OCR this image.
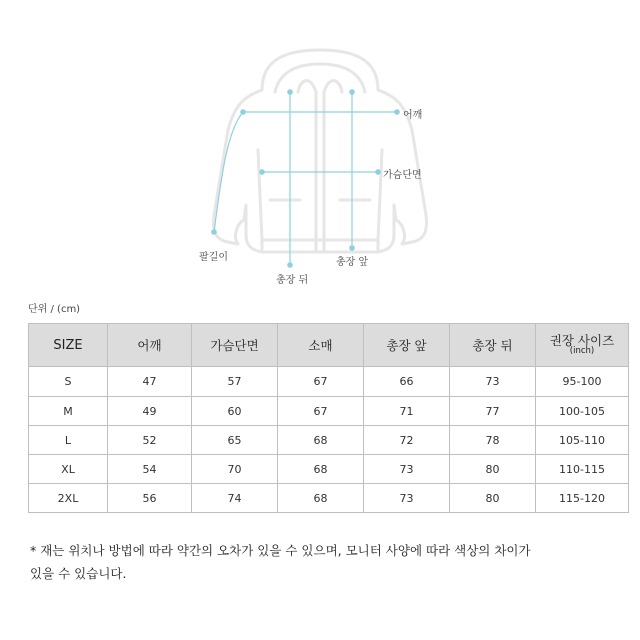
어깨
가슴단면
팔길이
총장 뒤
총장 앞
단위 / (cm)
SIZE	어깨	가슴단면	소매	총장 앞	총장 뒤	권장 사이즈
(inch)

S	47	57	67	66	73	95-100
M	49	60	67	71	77	100-105
L	52	65	68	72	78	105-110
XL	54	70	68	73	80	110-115
2XL	56	74	68	73	80	115-120
* 재는 위치나 방법에 따라 약간의 오차가 있을 수 있으며, 모니터 사양에 따라 색상의 차이가
있을 수 있습니다.
